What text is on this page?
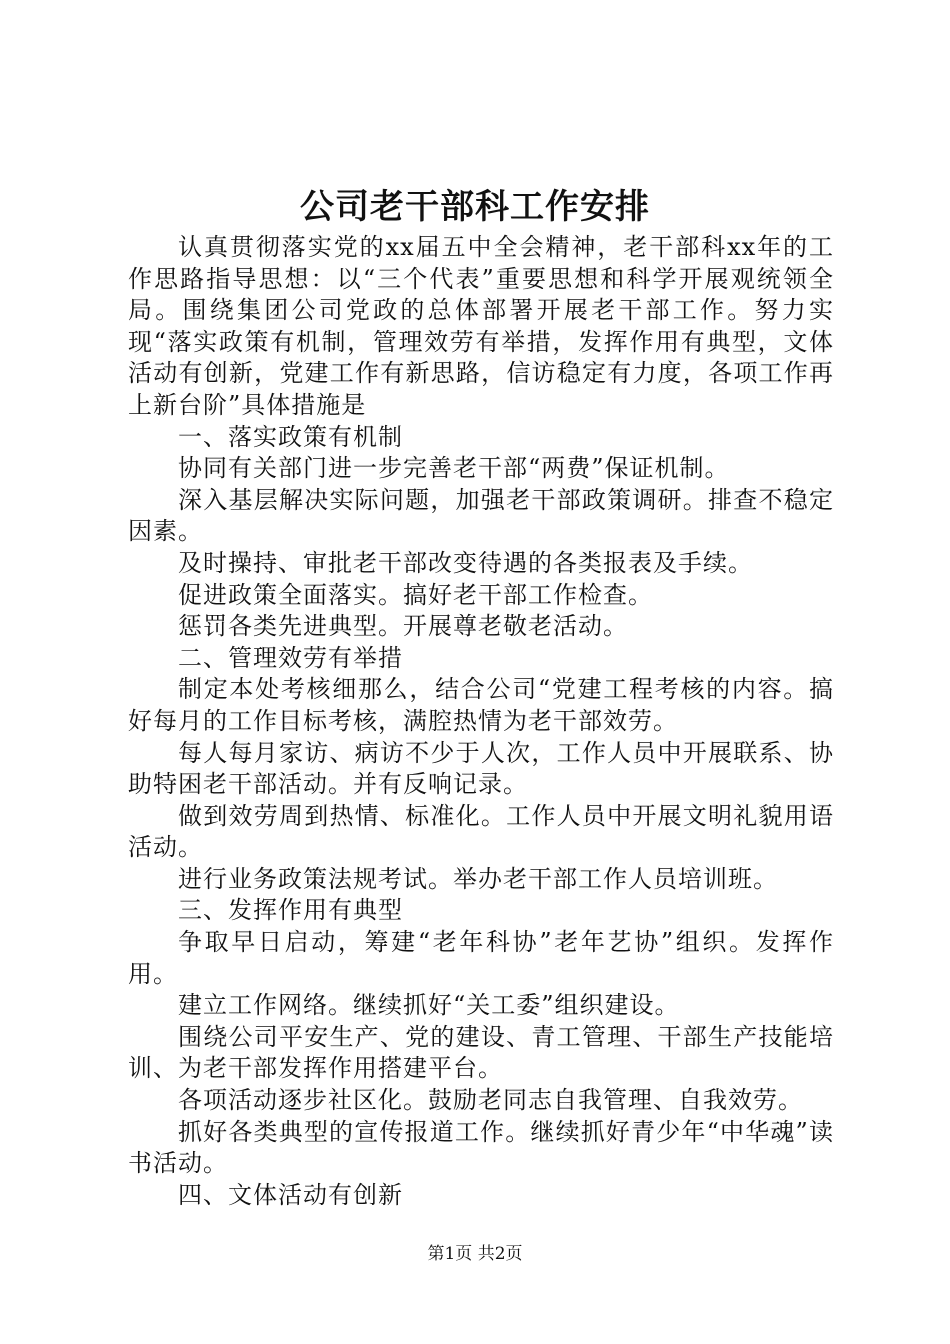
公司老干部科工作安排

认真贯彻落实党的xx届五中全会精神，老干部科xx年的工作思路指导思想：以“三个代表”重要思想和科学开展观统领全局。围绕集团公司党政的总体部署开展老干部工作。努力实现“落实政策有机制，管理效劳有举措，发挥作用有典型，文体活动有创新，党建工作有新思路，信访稳定有力度，各项工作再上新台阶”具体措施是

一、落实政策有机制

协同有关部门进一步完善老干部“两费”保证机制。

深入基层解决实际问题，加强老干部政策调研。排查不稳定因素。

及时操持、审批老干部改变待遇的各类报表及手续。

促进政策全面落实。搞好老干部工作检查。

惩罚各类先进典型。开展尊老敬老活动。

二、管理效劳有举措

制定本处考核细那么，结合公司“党建工程考核的内容。搞好每月的工作目标考核，满腔热情为老干部效劳。

每人每月家访、病访不少于人次，工作人员中开展联系、协助特困老干部活动。并有反响记录。

做到效劳周到热情、标准化。工作人员中开展文明礼貌用语活动。

进行业务政策法规考试。举办老干部工作人员培训班。

三、发挥作用有典型

争取早日启动，筹建“老年科协”老年艺协”组织。发挥作用。

建立工作网络。继续抓好“关工委”组织建设。

围绕公司平安生产、党的建设、青工管理、干部生产技能培训、为老干部发挥作用搭建平台。

各项活动逐步社区化。鼓励老同志自我管理、自我效劳。

抓好各类典型的宣传报道工作。继续抓好青少年“中华魂”读书活动。

四、文体活动有创新

第1页 共2页
